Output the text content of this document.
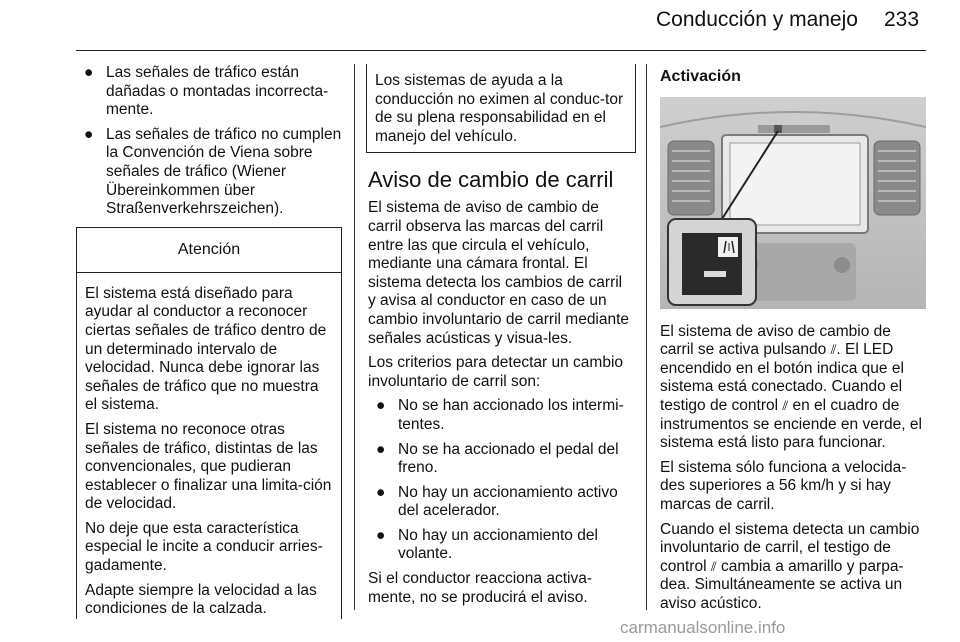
Conducción y manejo 233
● Las señales de tráfico están dañadas o montadas incorrecta-mente.
● Las señales de tráfico no cumplen la Convención de Viena sobre señales de tráfico (Wiener Übereinkommen über Straßenverkehrszeichen).
Atención

El sistema está diseñado para ayudar al conductor a reconocer ciertas señales de tráfico dentro de un determinado intervalo de velocidad. Nunca debe ignorar las señales de tráfico que no muestra el sistema.

El sistema no reconoce otras señales de tráfico, distintas de las convencionales, que pudieran establecer o finalizar una limita-ción de velocidad.

No deje que esta característica especial le incite a conducir arries-gadamente.

Adapte siempre la velocidad a las condiciones de la calzada.

Los sistemas de ayuda a la conducción no eximen al conduc-tor de su plena responsabilidad en el manejo del vehículo.
Aviso de cambio de carril

El sistema de aviso de cambio de carril observa las marcas del carril entre las que circula el vehículo, mediante una cámara frontal. El sistema detecta los cambios de carril y avisa al conductor en caso de un cambio involuntario de carril mediante señales acústicas y visua-les.

Los criterios para detectar un cambio involuntario de carril son:

● No se han accionado los intermi-tentes.
● No se ha accionado el pedal del freno.
● No hay un accionamiento activo del acelerador.
● No hay un accionamiento del volante.

Si el conductor reacciona activa-mente, no se producirá el aviso.

Activación

El sistema de aviso de cambio de carril se activa pulsando ⫽. El LED encendido en el botón indica que el sistema está conectado. Cuando el testigo de control ⫽ en el cuadro de instrumentos se enciende en verde, el sistema está listo para funcionar.

El sistema sólo funciona a velocida-des superiores a 56 km/h y si hay marcas de carril.

Cuando el sistema detecta un cambio involuntario de carril, el testigo de control ⫽ cambia a amarillo y parpa-dea. Simultáneamente se activa un aviso acústico.

carmanualsonline.info
